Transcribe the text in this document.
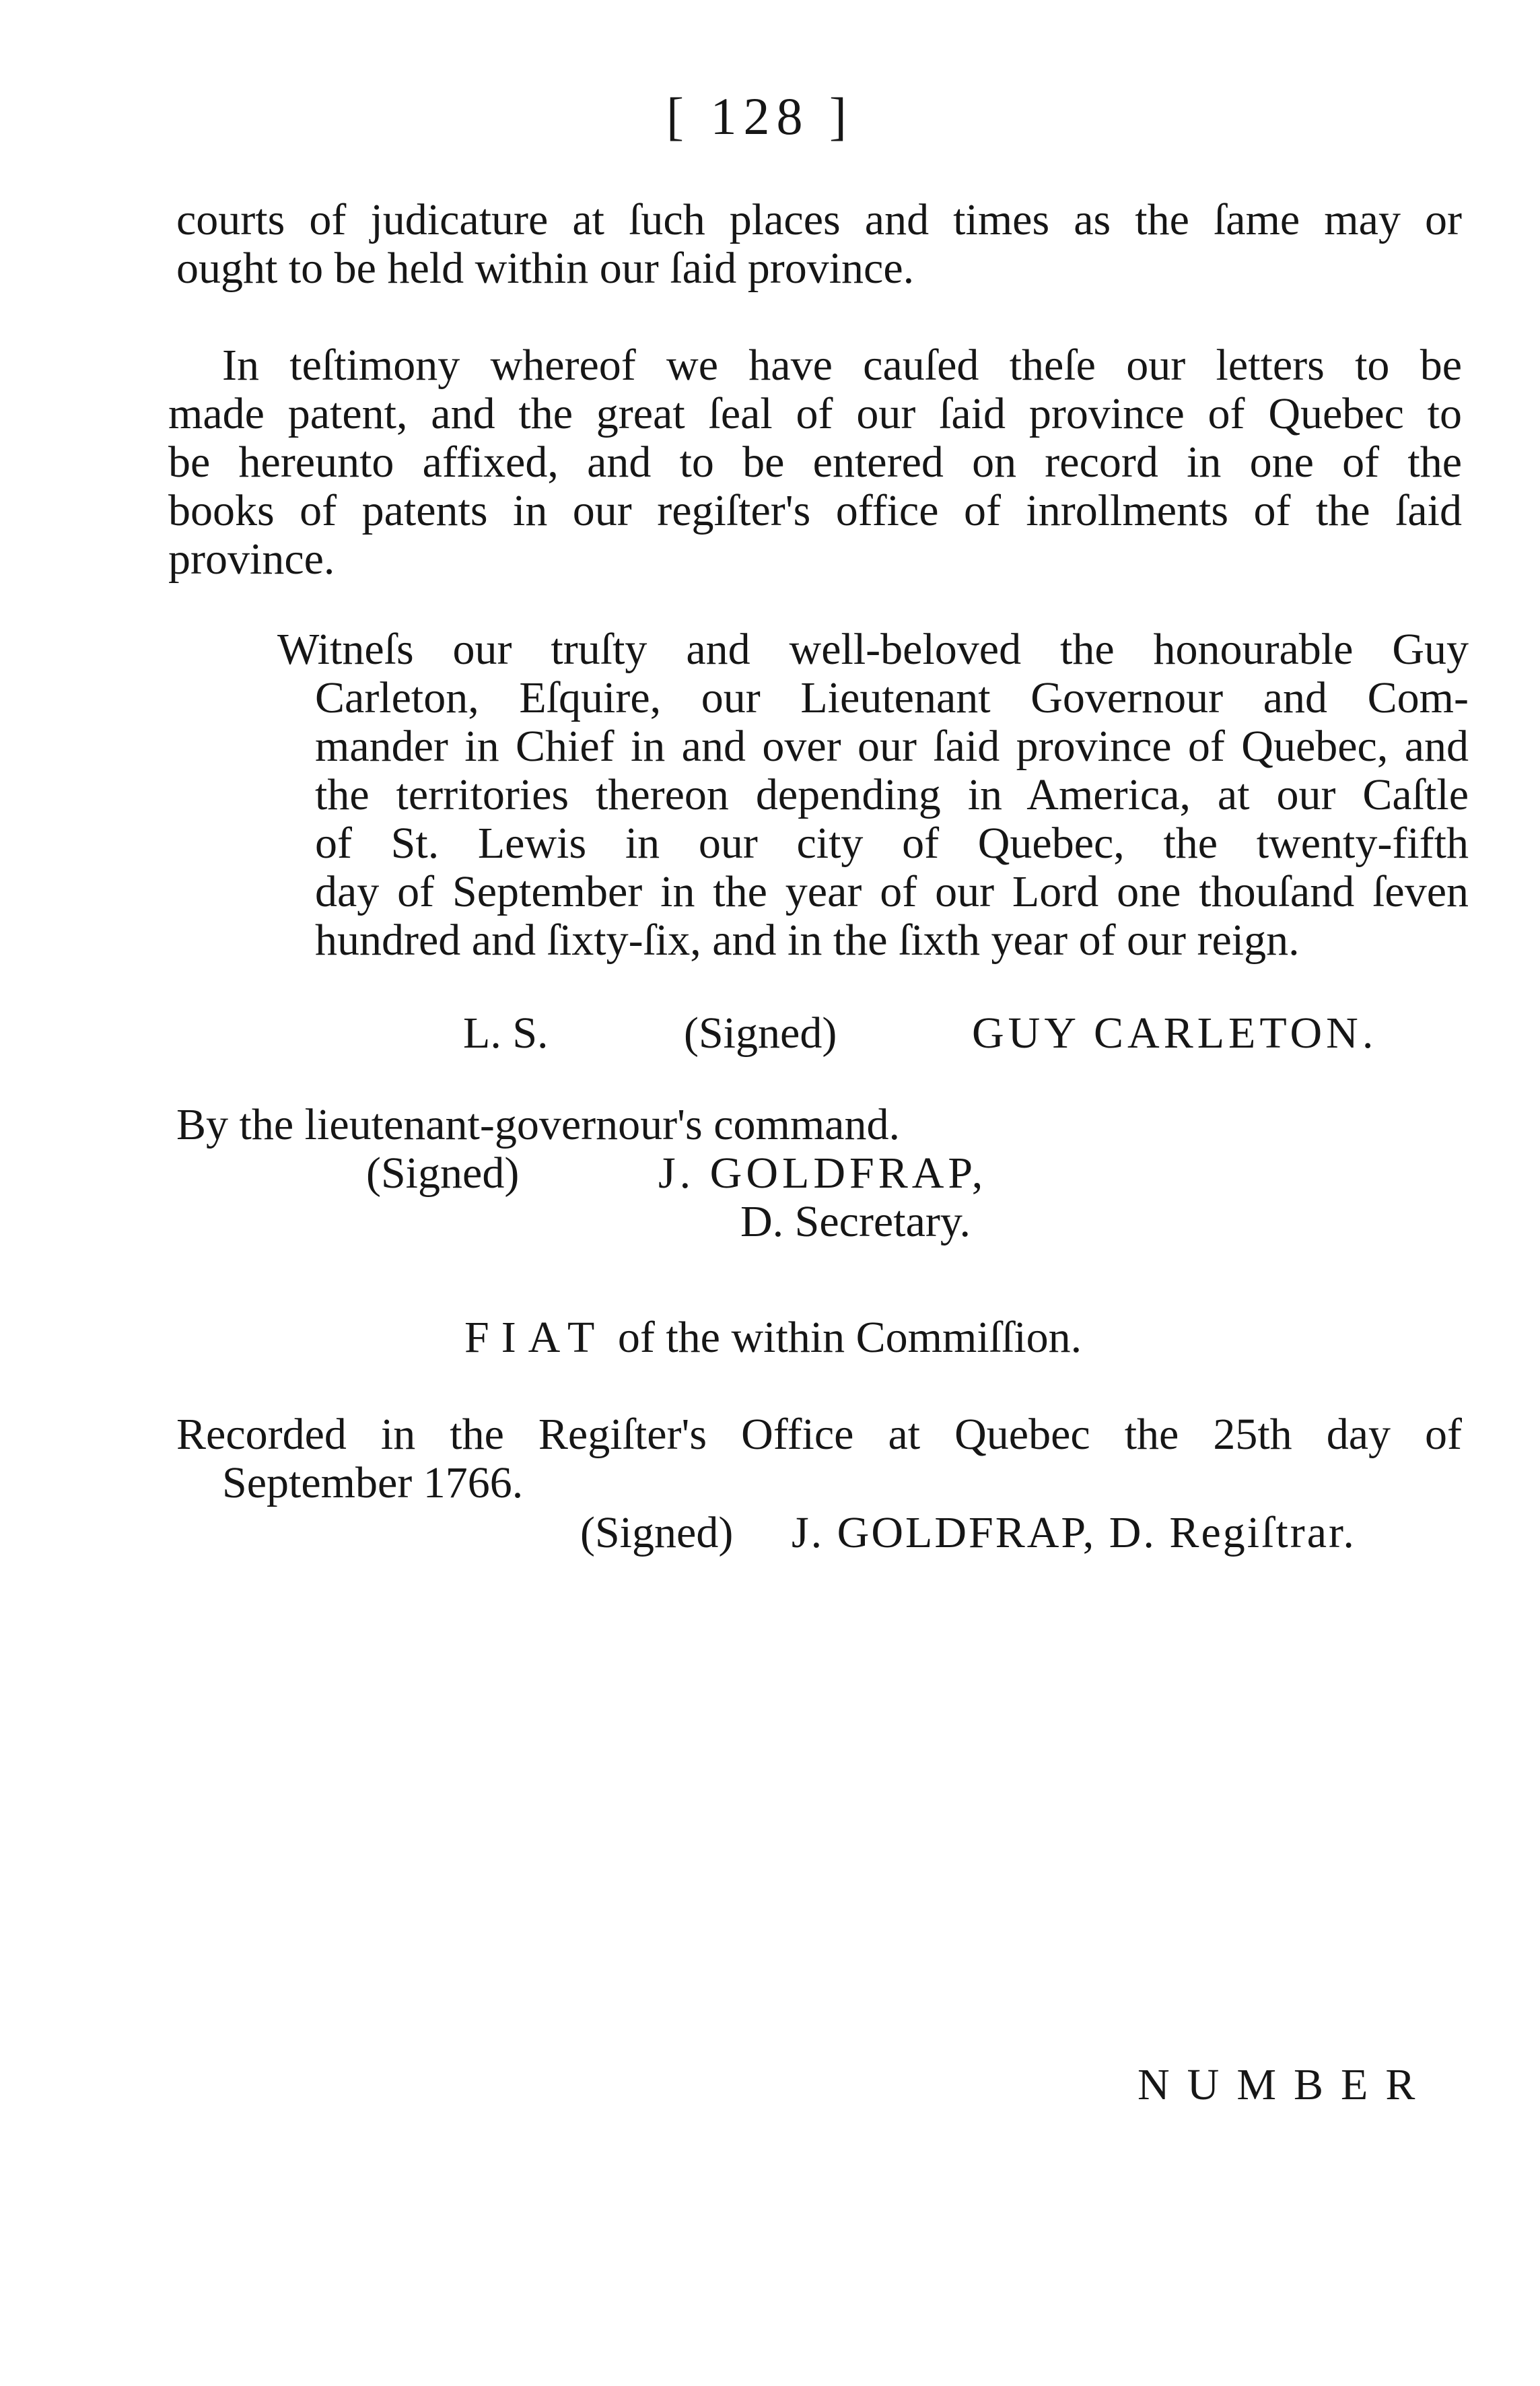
[ 128 ]
courts of judicature at ſuch places and times as the ſame may or
ought to be held within our ſaid province.
In teſtimony whereof we have cauſed theſe our letters to be
made patent, and the great ſeal of our ſaid province of Quebec to
be hereunto affixed, and to be entered on record in one of the
books of patents in our regiſter's office of inrollments of the ſaid
province.
Witneſs our truſty and well-beloved the honourable Guy
Carleton, Eſquire, our Lieutenant Governour and Com-
mander in Chief in and over our ſaid province of Quebec, and
the territories thereon depending in America, at our Caſtle
of St. Lewis in our city of Quebec, the twenty-fifth
day of September in the year of our Lord one thouſand ſeven
hundred and ſixty-ſix, and in the ſixth year of our reign.
L. S.	(Signed)	GUY CARLETON.
By the lieutenant-governour's command.
(Signed)	J. GOLDFRAP,
D. Secretary.
FIAT of the within Commiſſion.
Recorded in the Regiſter's Office at Quebec the 25th day of
September 1766.
(Signed) J. GOLDFRAP, D. Regiſtrar.
NUMBER
